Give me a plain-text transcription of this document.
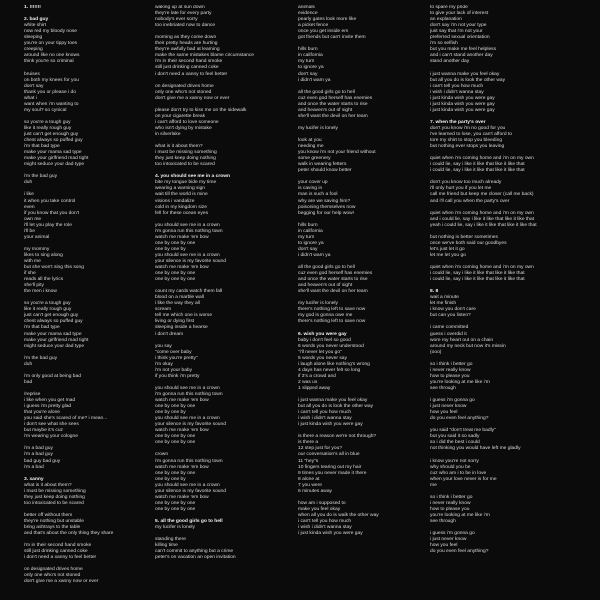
1. !!!!!!!
2. bad guy
white shirt
now red my bloody nose
sleeping
you're on your tippy toes
creeping
around like no one knows
think you're so criminal
bruises
on both my knees for you
don't say
thank you or please i do
what i
want when i'm wanting to
my soul? so cynical
so you're a tough guy
like it really rough guy
just can't get enough guy
chest always so puffed guy
i'm that bad type
make your mama sad type
make your girlfriend mad tight
might seduce your dad type
i'm the bad guy
duh
i like
it when you take control
even
if you know that you don't
own me
i'll let you play the role
i'll be
your animal
my mommy
likes to sing along
with me
but she won't sing this song
if she
reads all the lyrics
she'll pity
the men i know
so you're a tough guy
like it really rough guy
just can't get enough guy
chest always so puffed guy
i'm that bad type
make your mama sad type
make your girlfriend mad tight
might seduce your dad type
i'm the bad guy
duh
i'm only good at being bad
bad
/reprise
i like when you get mad
i guess i'm pretty glad
that you're alone
you said she's scared of me? i mean...
i don't see what she sees
but maybe it's cuz
i'm wearing your cologne
i'm a bad guy
i'm a bad guy
bad guy bad guy
i'm a bad
3. xanny
what is it about them?
i must be missing something
they just keep doing nothing
too intoxicated to be scared
better off without them
they're nothing but unstable
bring ashtrays to the table
and that's about the only thing they share
i'm in their second hand smoke
still just drinking canned coke
i don't need a xanny to feel better
on designated drives home
only one who's not stoned
don't give me a xanny now or ever
waking up at sun down
they're late for every party
nobody's ever sorry
too inebriated now to dance
morning as they come down
their pretty heads are hurting
they're awfully bad at learning
make the same mistakes blame circumstance
i'm in their second hand smoke
still just drinking canned coke
i don't need a xanny to feel better
on designated drives home
only one who's not stoned
don't give me a xanny now or ever
please don't try to kiss me on the sidewalk
on your cigarette break
i can't afford to love someone
who isn't dying by mistake
in silverlake
what is it about them?
i must be missing something
they just keep doing nothing
too intoxicated to be scared
4. you should see me in a crown
bite my tongue bide my time
wearing a warning sign
wait till the world is mine
visions i vandalize
cold in my kingdom size
fell for these ocean eyes
you should see me in a crown
i'm gonna run this nothing town
watch me make 'em bow
one by one by one
one by one by
you should see me in a crown
your silence is my favorite sound
watch me make 'em bow
one by one by one
one by one by one
count my cards watch them fall
blood on a marble wall
i like the way they all
scream
tell me which one is worse
living or dying first
sleeping inside a hearse
i don't dream
you say
"come over baby
i think you're pretty"
i'm okay
i'm not your baby
if you think i'm pretty
you should see me in a crown
i'm gonna run this nothing town
watch me make 'em bow
one by one by one
one by one by
you should see me in a crown
your silence is my favorite sound
watch me make 'em bow
one by one by one
one by one by one
crown
i'm gonna run this nothing town
watch me make 'em bow
one by one by one
one by one by
you should see me in a crown
your silence is my favorite sound
watch me make 'em bow
one by one by one
one by one by one
5. all the good girls go to hell
my lucifer is lonely
standing there
killing time
can't commit to anything but a crime
peter's on vacation an open invitation
animals
evidence
pearly gates look more like
a picket fence
once you get inside em
got friends but can't invite them
hills burn
in california
my turn
to ignore ya
don't say
i didn't warn ya
all the good girls go to hell
cuz even god herself has enemies
and once the water starts to rise
and heaven's out of sight
she'll want the devil on her team
my lucifer is lonely
look at you
needing me
you know i'm not your friend without
some greenery
walk in wearing fetters
peter should know better
your cover up
is caving in
man is such a fool
why are we saving him?
poisoning themselves now
begging for our help wow!
hills burn
in california
my turn
to ignore ya
don't say
i didn't warn ya
all the good girls go to hell
cuz even god herself has enemies
and once the water starts to rise
and heaven's out of sight
she'll want the devil on her team
my lucifer is lonely
there's nothing left to save now
my god is gonna owe me
there's nothing left to save now
6. wish you were gay
baby i don't feel so good
6 words you never understood
"i'll never let you go"
5 words you never say
i laugh alone like nothing's wrong
4 days has never felt so long
if 3's a crowd and
2 was us
1 slipped away
i just wanna make you feel okay
but all you do is look the other way
i can't tell you how much
i wish i didn't wanna stay
i just kinda wish you were gay
is there a reason we're not through?
is there a
12 step just for you?
our conversation's all in blue
11 "hey"s
10 fingers tearing out my hair
9 times you never made it there
8 alone at
7 you were
6 minutes away
how am i supposed to
make you feel okay
when all you do is walk the other way
i can't tell you how much
i wish i didn't wanna stay
i just kinda wish you were gay
to spare my pride
to give your lack of interest
an explanation
don't say i'm not your type
just say that i'm not your
preferred sexual orientation
i'm so selfish
but you make me feel helpless
and i can't stand another day
stand another day
i just wanna make you feel okay
but all you do is look the other way
i can't tell you how much
i wish i didn't wanna stay
i just kinda wish you were gay
i just kinda wish you were gay
i just kinda wish you were gay
7. when the party's over
don't you know i'm no good for you
i've learned to lose, you can't afford to
tore my shirt to stop you bleeding
but nothing ever stops you leaving
quiet when i'm coming home and i'm on my own
i could lie, say i like it like that like it like that
i could lie, say i like it like that like it like that
don't you know too much already
i'll only hurt you if you let me
call me friend but keep me closer (call me back)
and i'll call you when the party's over
quiet when i'm coming home and i'm on my own
and i could lie, say i like it like that like it like that
yeah i could lie, say i like it like that like it like that
but nothing is better sometimes
once we've both said our goodbyes
let's just let it go
let me let you go
quiet when i'm coming home and i'm on my own
i could lie, say i like it like that like it like that
i could lie, say i like it like that like it like that
8. 8
wait a minute
let me finish
i know you don't care
but can you listen?
i came committed
guess i overdid it
wore my heart out on a chain
around my neck but now it's missin
(ooo)
so i think i better go
i never really know
how to please you
you're looking at me like i'm
see through
i guess i'm gonna go
i just never know
how you feel
do you even feel anything?
you said "don't treat me badly"
but you said it so sadly
so i did the best i could
not thinking you would have left me gladly
i know you're not sorry
why should you be
cuz who am i to be in love
when your love never is for me
me
so i think i better go
i never really know
how to please you
you're looking at me like i'm
see through
i guess i'm gonna go
i just never know
how you feel
do you even feel anything?
